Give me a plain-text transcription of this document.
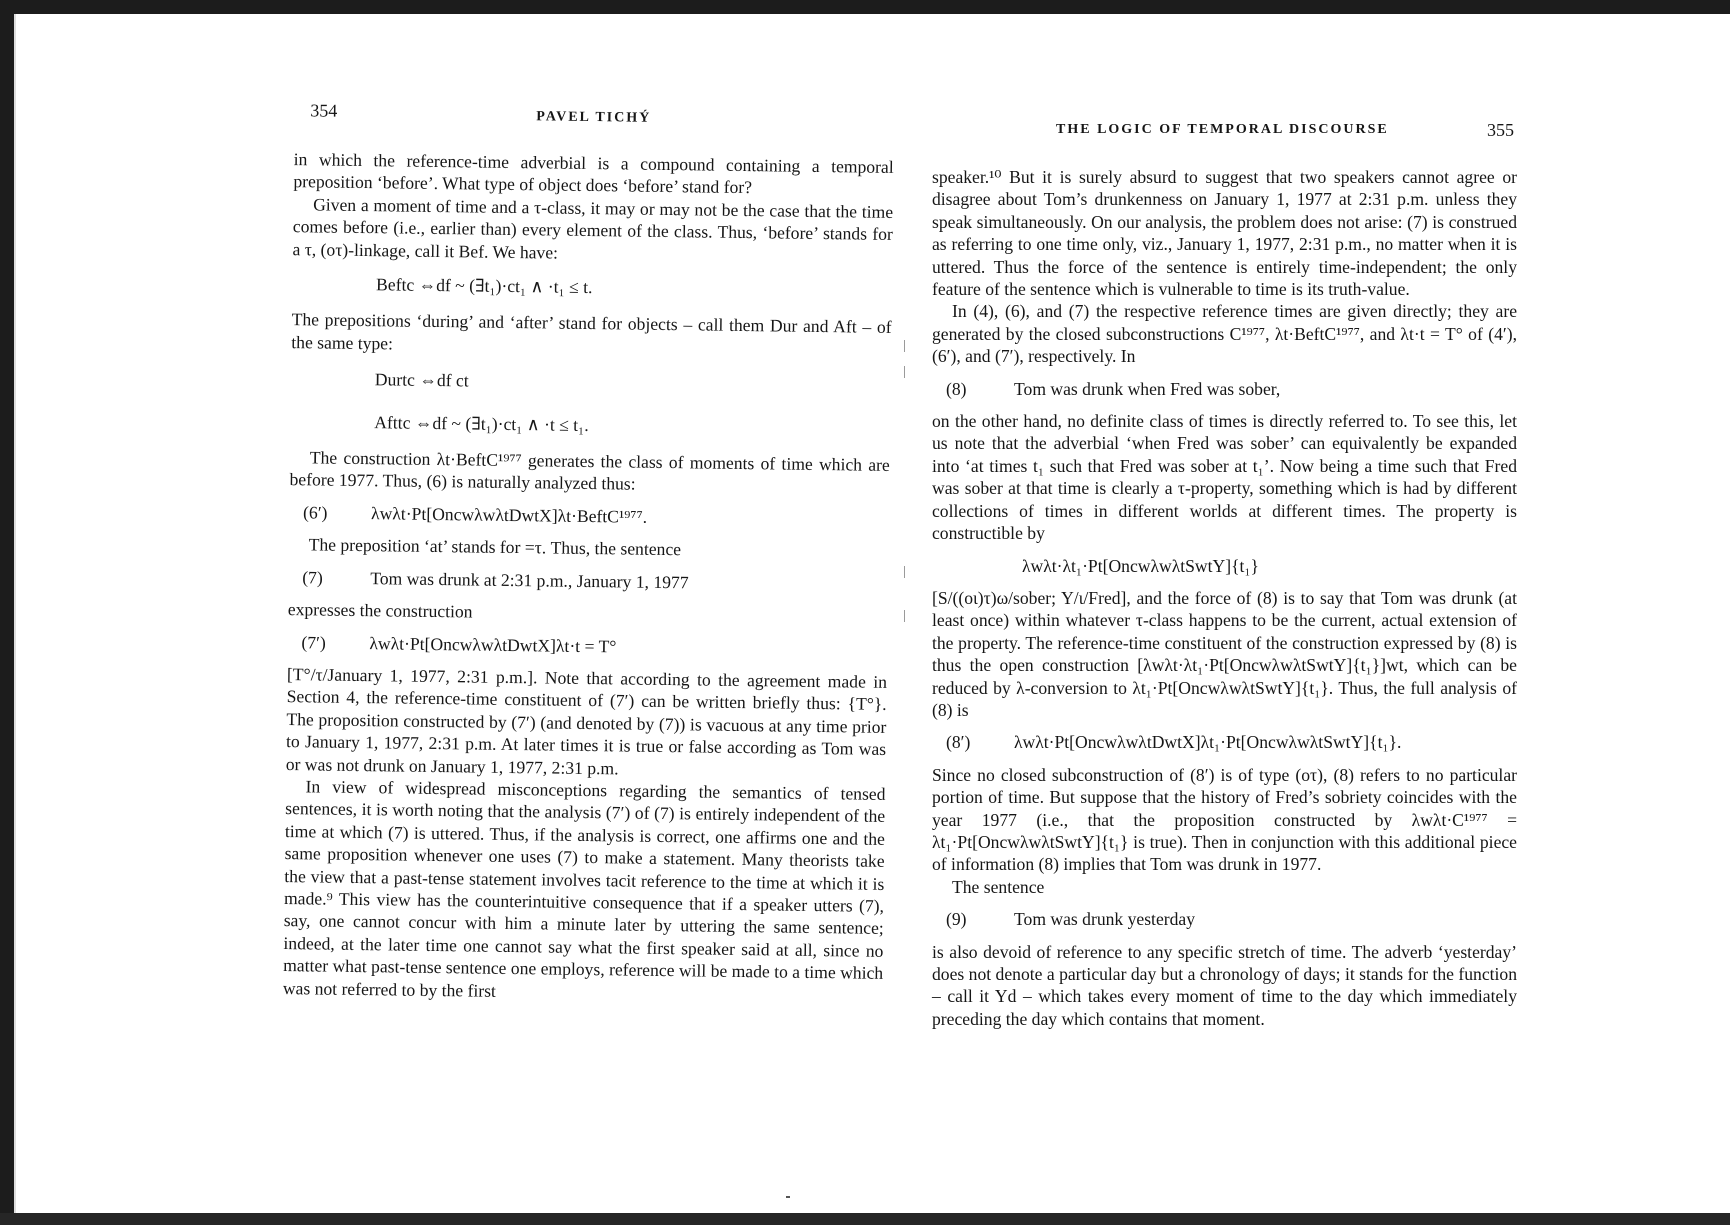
354	PAVEL TICHÝ

in which the reference-time adverbial is a compound containing a temporal preposition ‘before’. What type of object does ‘before’ stand for?

Given a moment of time and a τ-class, it may or may not be the case that the time comes before (i.e., earlier than) every element of the class. Thus, ‘before’ stands for a τ, (οτ)-linkage, call it Bef. We have:

Beftc ⇔df ~ (∃t₁)·ct₁ ∧ ·t₁ ≤ t.

The prepositions ‘during’ and ‘after’ stand for objects – call them Dur and Aft – of the same type:

Durtc ⇔df ct
Afttc ⇔df ~ (∃t₁)·ct₁ ∧ ·t ≤ t₁.

The construction λt·BeftC¹⁹⁷⁷ generates the class of moments of time which are before 1977. Thus, (6) is naturally analyzed thus:

(6′)	λwλt·Pt[OncwλwλtDwtX]λt·BeftC¹⁹⁷⁷.

The preposition ‘at’ stands for =τ. Thus, the sentence

(7)	Tom was drunk at 2:31 p.m., January 1, 1977

expresses the construction

(7′)	λwλt·Pt[OncwλwλtDwtX]λt·t = T°

[T°/τ/January 1, 1977, 2:31 p.m.]. Note that according to the agreement made in Section 4, the reference-time constituent of (7′) can be written briefly thus: {T°}. The proposition constructed by (7′) (and denoted by (7)) is vacuous at any time prior to January 1, 1977, 2:31 p.m. At later times it is true or false according as Tom was or was not drunk on January 1, 1977, 2:31 p.m.

In view of widespread misconceptions regarding the semantics of tensed sentences, it is worth noting that the analysis (7′) of (7) is entirely independent of the time at which (7) is uttered. Thus, if the analysis is correct, one affirms one and the same proposition whenever one uses (7) to make a statement. Many theorists take the view that a past-tense statement involves tacit reference to the time at which it is made.⁹ This view has the counterintuitive consequence that if a speaker utters (7), say, one cannot concur with him a minute later by uttering the same sentence; indeed, at the later time one cannot say what the first speaker said at all, since no matter what past-tense sentence one employs, reference will be made to a time which was not referred to by the first

THE LOGIC OF TEMPORAL DISCOURSE	355

speaker.¹⁰ But it is surely absurd to suggest that two speakers cannot agree or disagree about Tom’s drunkenness on January 1, 1977 at 2:31 p.m. unless they speak simultaneously. On our analysis, the problem does not arise: (7) is construed as referring to one time only, viz., January 1, 1977, 2:31 p.m., no matter when it is uttered. Thus the force of the sentence is entirely time-independent; the only feature of the sentence which is vulnerable to time is its truth-value.

In (4), (6), and (7) the respective reference times are given directly; they are generated by the closed subconstructions C¹⁹⁷⁷, λt·BeftC¹⁹⁷⁷, and λt·t = T° of (4′), (6′), and (7′), respectively. In

(8)	Tom was drunk when Fred was sober,

on the other hand, no definite class of times is directly referred to. To see this, let us note that the adverbial ‘when Fred was sober’ can equivalently be expanded into ‘at times t₁ such that Fred was sober at t₁’. Now being a time such that Fred was sober at that time is clearly a τ-property, something which is had by different collections of times in different worlds at different times. The property is constructible by

λwλt·λt₁·Pt[OncwλwλtSwtY]{t₁}

[S/((οι)τ)ω/sober; Y/ι/Fred], and the force of (8) is to say that Tom was drunk (at least once) within whatever τ-class happens to be the current, actual extension of the property. The reference-time constituent of the construction expressed by (8) is thus the open construction [λwλt·λt₁·Pt[OncwλwλtSwtY]{t₁}]wt, which can be reduced by λ-conversion to λt₁·Pt[OncwλwλtSwtY]{t₁}. Thus, the full analysis of (8) is

(8′)	λwλt·Pt[OncwλwλtDwtX]λt₁·Pt[OncwλwλtSwtY]{t₁}.

Since no closed subconstruction of (8′) is of type (οτ), (8) refers to no particular portion of time. But suppose that the history of Fred’s sobriety coincides with the year 1977 (i.e., that the proposition constructed by λwλt·C¹⁹⁷⁷ = λt₁·Pt[OncwλwλtSwtY]{t₁} is true). Then in conjunction with this additional piece of information (8) implies that Tom was drunk in 1977.

The sentence

(9)	Tom was drunk yesterday

is also devoid of reference to any specific stretch of time. The adverb ‘yesterday’ does not denote a particular day but a chronology of days; it stands for the function – call it Yd – which takes every moment of time to the day which immediately preceding the day which contains that moment.
